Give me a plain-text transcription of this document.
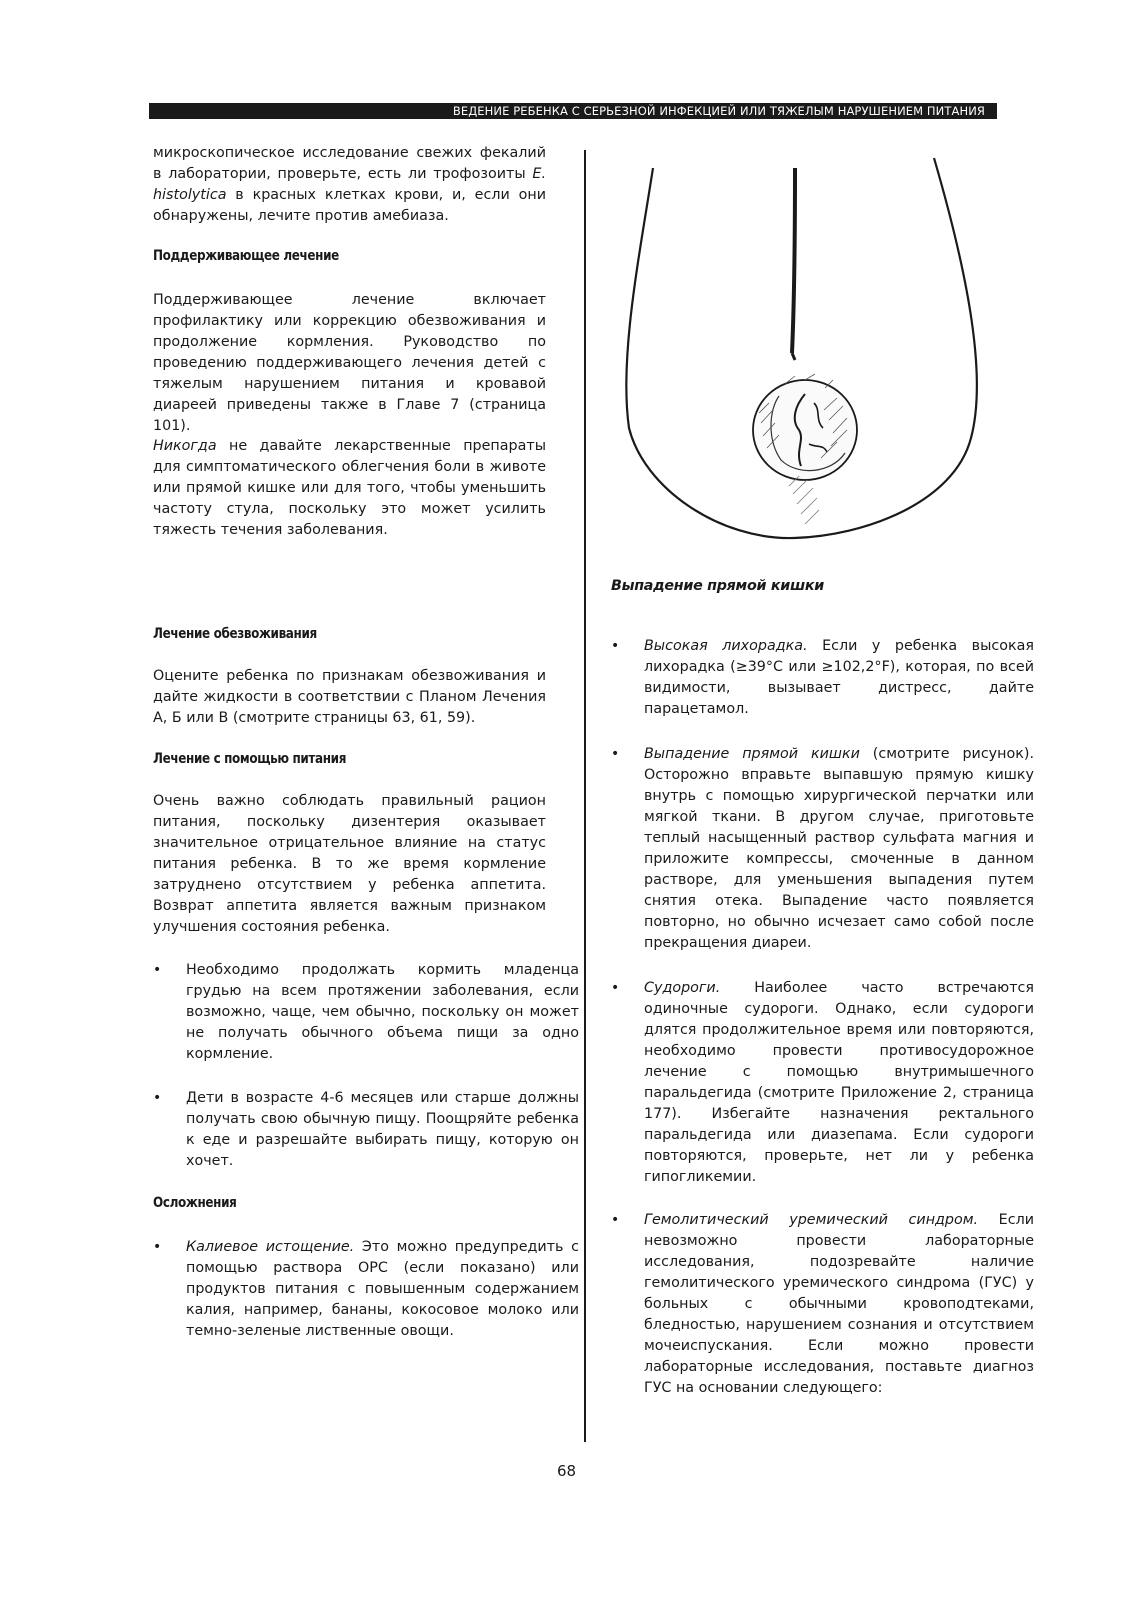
ВЕДЕНИЕ РЕБЕНКА С СЕРЬЕЗНОЙ ИНФЕКЦИЕЙ ИЛИ ТЯЖЕЛЫМ НАРУШЕНИЕМ ПИТАНИЯ

микроскопическое исследование свежих фекалий в лаборатории, проверьте, есть ли трофозоиты E. histolytica в красных клетках крови, и, если они обнаружены, лечите против амебиаза.

Поддерживающее лечение

Поддерживающее лечение включает профилактику или коррекцию обезвоживания и продолжение кормления. Руководство по проведению поддерживающего лечения детей с тяжелым нарушением питания и кровавой диареей приведены также в Главе 7 (страница 101).

Никогда не давайте лекарственные препараты для симптоматического облегчения боли в животе или прямой кишке или для того, чтобы уменьшить частоту стула, поскольку это может усилить тяжесть течения заболевания.

Лечение обезвоживания

Оцените ребенка по признакам обезвоживания и дайте жидкости в соответствии с Планом Лечения А, Б или В (смотрите страницы 63, 61, 59).

Лечение с помощью питания

Очень важно соблюдать правильный рацион питания, поскольку дизентерия оказывает значительное отрицательное влияние на статус питания ребенка. В то же время кормление затруднено отсутствием у ребенка аппетита. Возврат аппетита является важным признаком улучшения состояния ребенка.

• Необходимо продолжать кормить младенца грудью на всем протяжении заболевания, если возможно, чаще, чем обычно, поскольку он может не получать обычного объема пищи за одно кормление.

• Дети в возрасте 4-6 месяцев или старше должны получать свою обычную пищу. Поощряйте ребенка к еде и разрешайте выбирать пищу, которую он хочет.

Осложнения
• Калиевое истощение. Это можно предупредить с помощью раствора ОРС (если показано) или продуктов питания с повышенным содержанием калия, например, бананы, кокосовое молоко или темно-зеленые лиственные овощи.

Выпадение прямой кишки
• Высокая лихорадка. Если у ребенка высокая лихорадка (≥39°C или ≥102,2°F), которая, по всей видимости, вызывает дистресс, дайте парацетамол.

• Выпадение прямой кишки (смотрите рисунок). Осторожно вправьте выпавшую прямую кишку внутрь с помощью хирургической перчатки или мягкой ткани. В другом случае, приготовьте теплый насыщенный раствор сульфата магния и приложите компрессы, смоченные в данном растворе, для уменьшения выпадения путем снятия отека. Выпадение часто появляется повторно, но обычно исчезает само собой после прекращения диареи.

• Судороги. Наиболее часто встречаются одиночные судороги. Однако, если судороги длятся продолжительное время или повторяются, необходимо провести противосудорожное лечение с помощью внутримышечного паральдегида (смотрите Приложение 2, страница 177). Избегайте назначения ректального паральдегида или диазепама. Если судороги повторяются, проверьте, нет ли у ребенка гипогликемии.

• Гемолитический уремический синдром. Если невозможно провести лабораторные исследования, подозревайте наличие гемолитического уремического синдрома (ГУС) у больных с обычными кровоподтеками, бледностью, нарушением сознания и отсутствием мочеиспускания. Если можно провести лабораторные исследования, поставьте диагноз ГУС на основании следующего:

68
